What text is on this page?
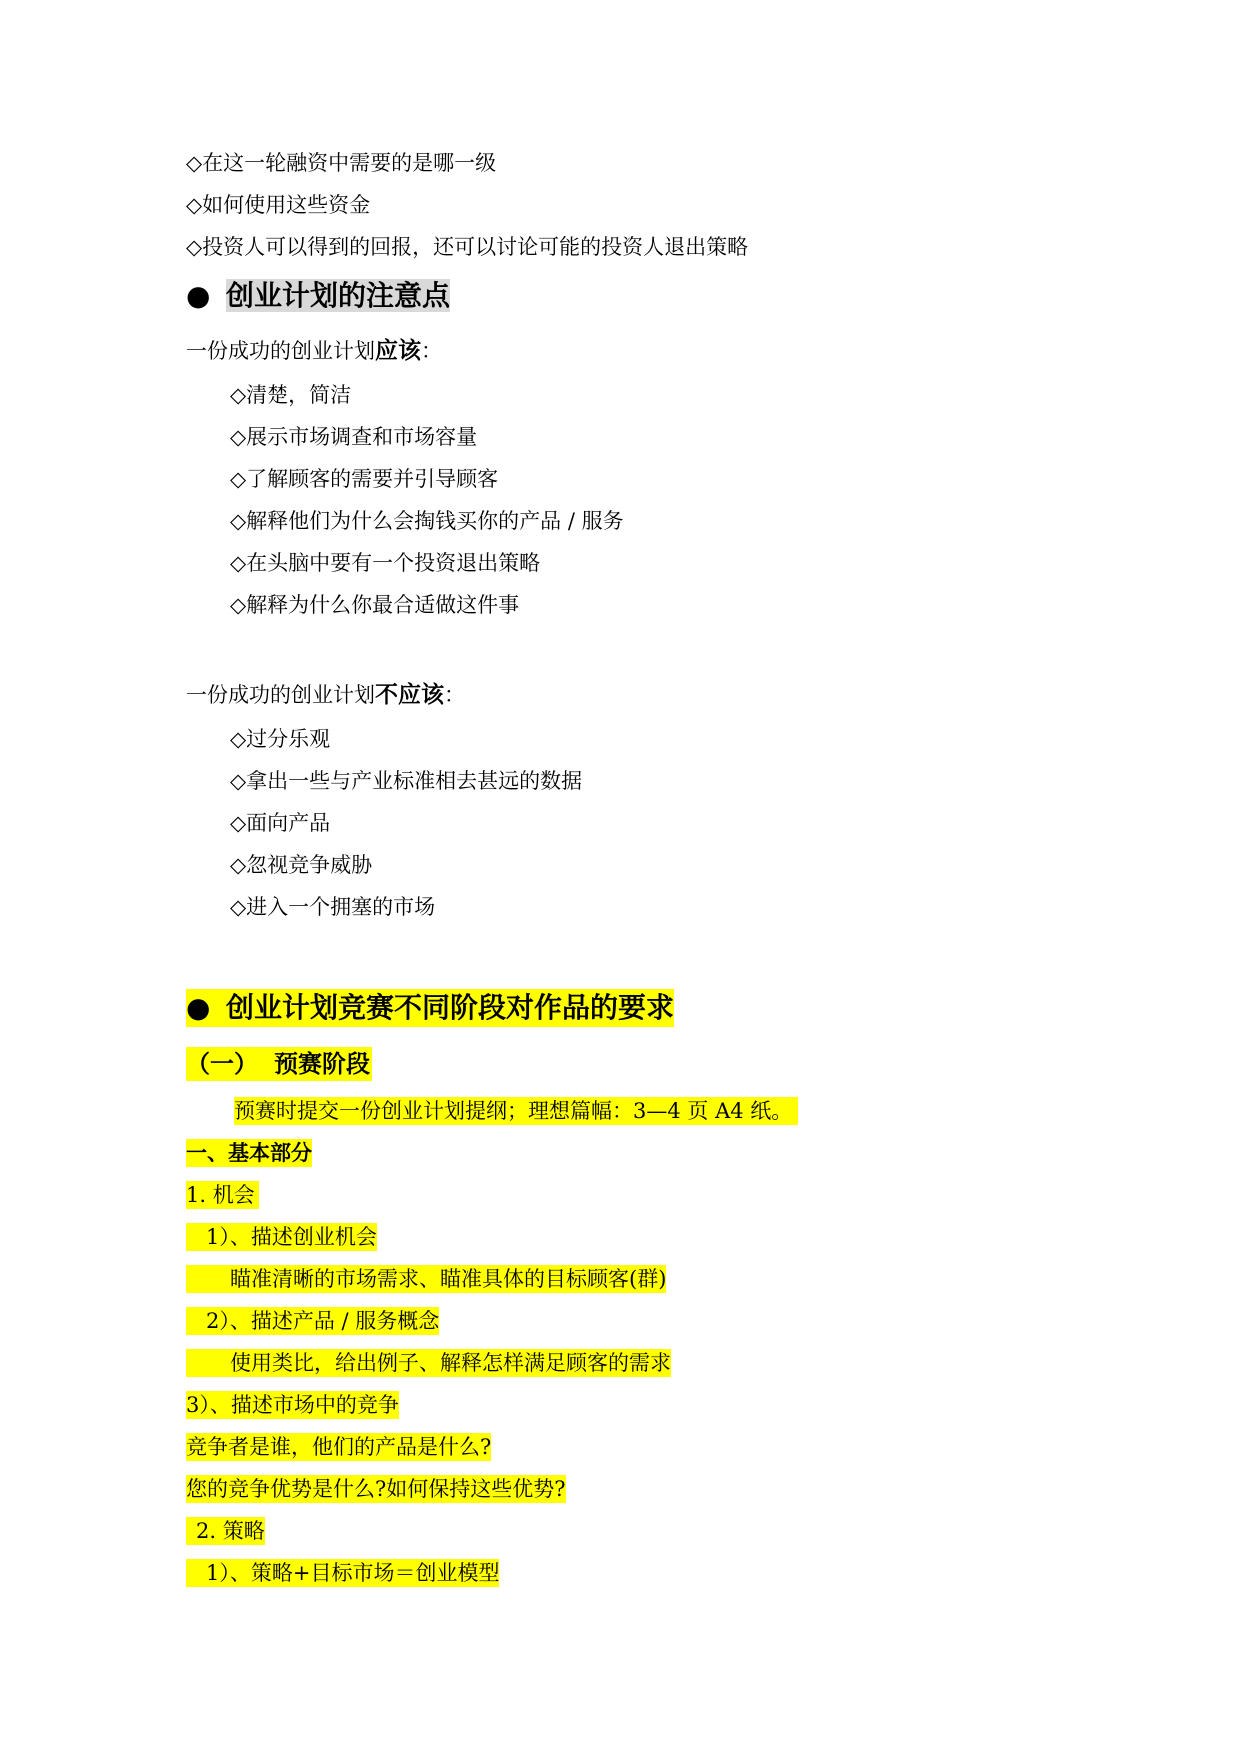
◇在这一轮融资中需要的是哪一级
◇如何使用这些资金
◇投资人可以得到的回报，还可以讨论可能的投资人退出策略
● 创业计划的注意点
一份成功的创业计划应该：
◇清楚，简洁
◇展示市场调查和市场容量
◇了解顾客的需要并引导顾客
◇解释他们为什么会掏钱买你的产品 / 服务
◇在头脑中要有一个投资退出策略
◇解释为什么你最合适做这件事
一份成功的创业计划不应该：
◇过分乐观
◇拿出一些与产业标准相去甚远的数据
◇面向产品
◇忽视竞争威胁
◇进入一个拥塞的市场
● 创业计划竞赛不同阶段对作品的要求
（一） 预赛阶段
预赛时提交一份创业计划提纲；理想篇幅：3—4 页 A4 纸。
一、基本部分
1. 机会
1）、描述创业机会
瞄准清晰的市场需求、瞄准具体的目标顾客(群)
2）、描述产品 / 服务概念
使用类比，给出例子、解释怎样满足顾客的需求
3）、描述市场中的竞争
竞争者是谁，他们的产品是什么?
您的竞争优势是什么?如何保持这些优势?
2. 策略
1）、策略+目标市场＝创业模型
